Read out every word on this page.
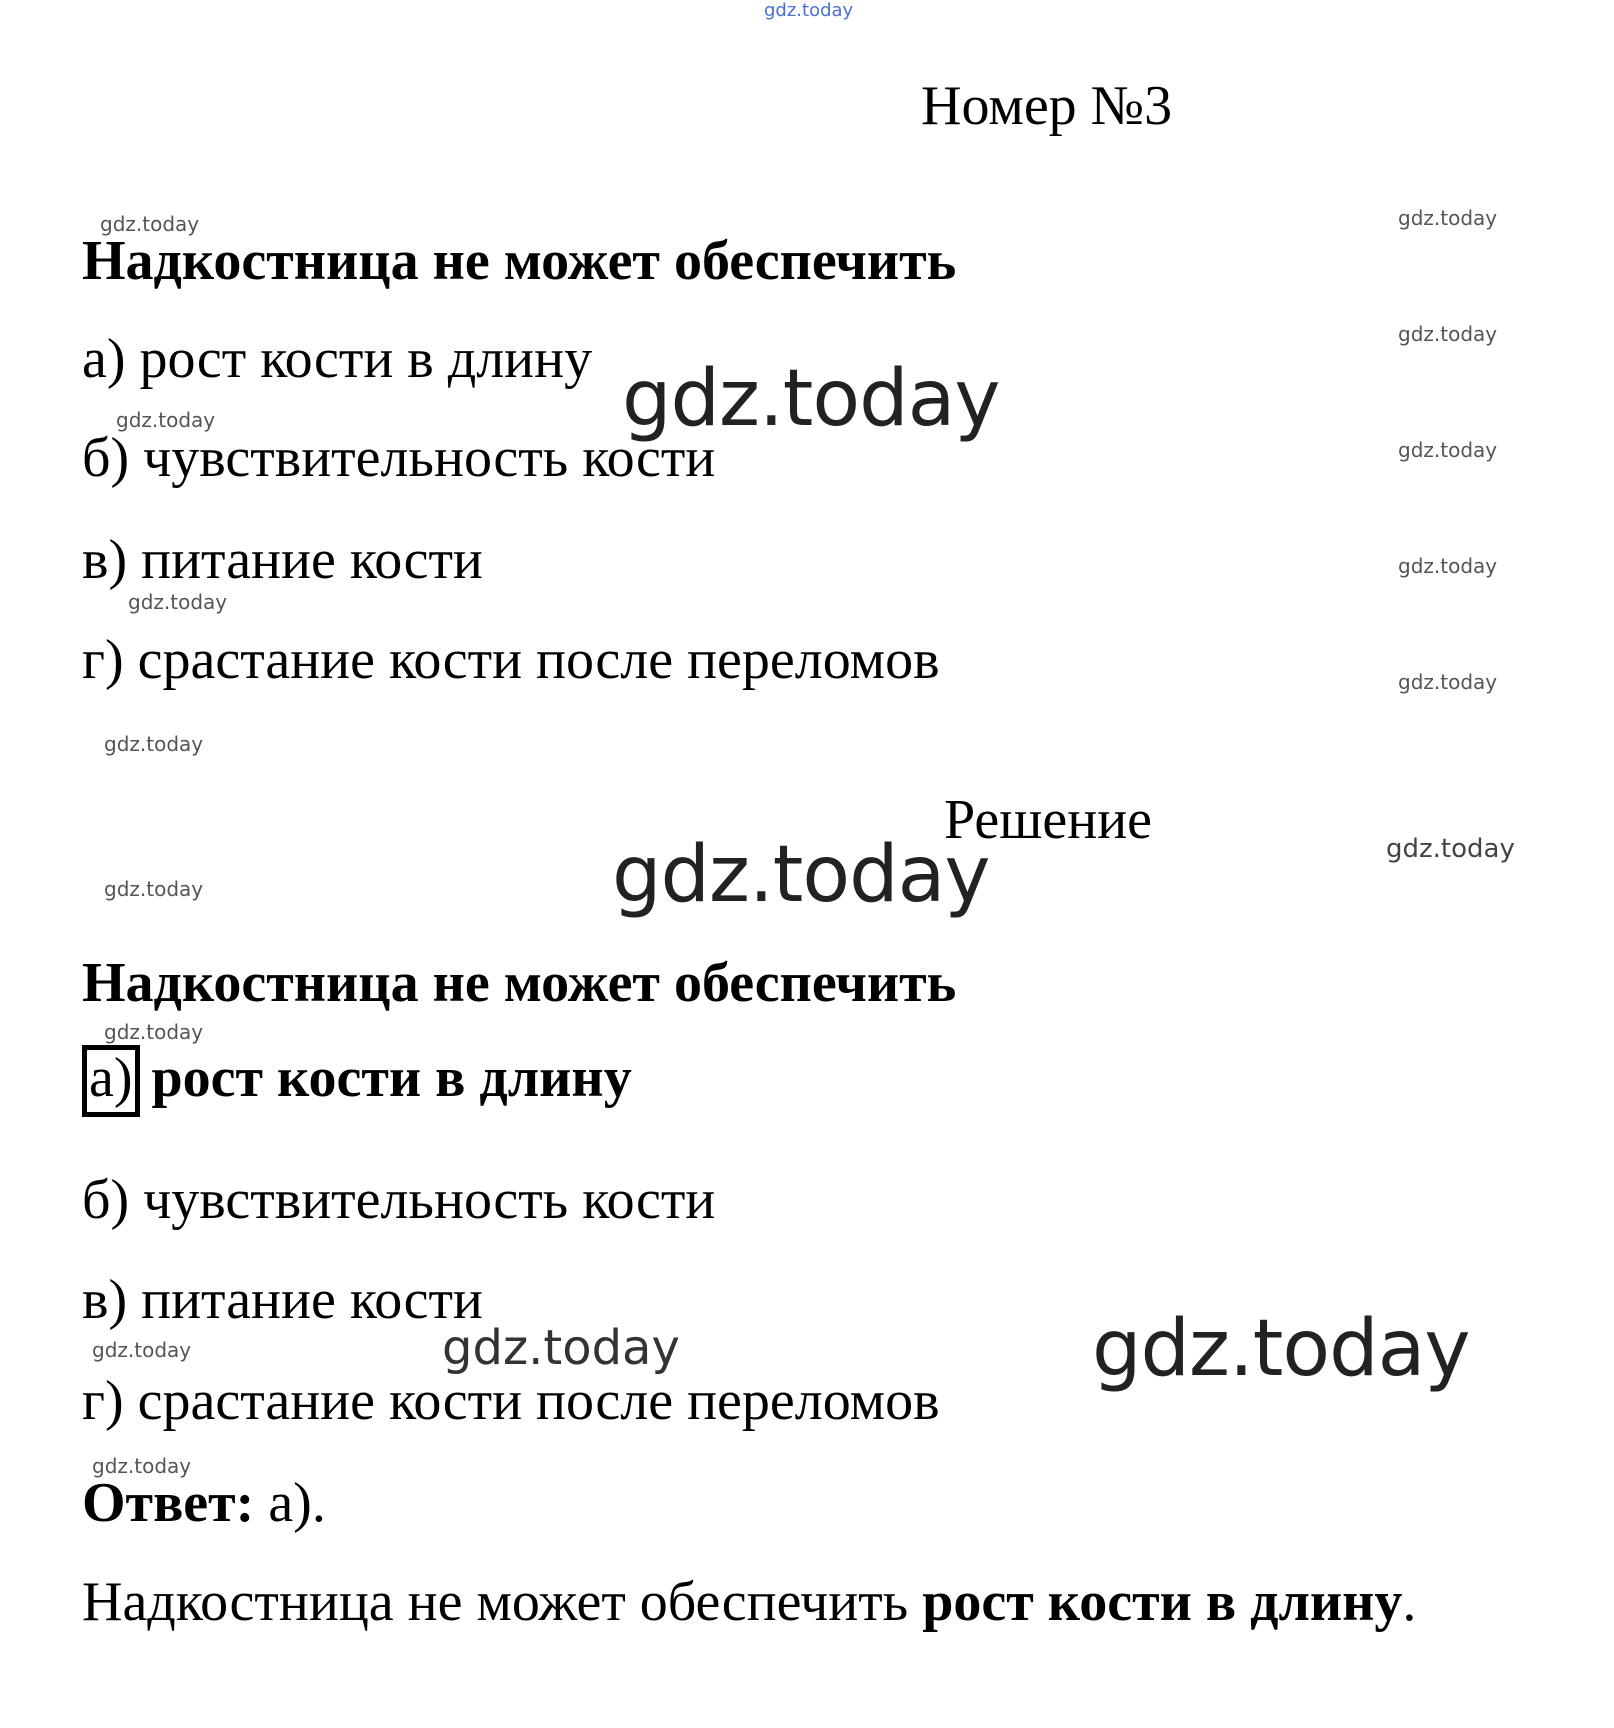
gdz.today
Номер №3
Надкостница не может обеспечить
а) рост кости в длину
б) чувствительность кости
в) питание кости
г) срастание кости после переломов
Решение
Надкостница не может обеспечить
а) рост кости в длину
б) чувствительность кости
в) питание кости
г) срастание кости после переломов
Ответ: а).
Надкостница не может обеспечить рост кости в длину.
gdz.today
gdz.today
gdz.today
gdz.today
gdz.today
gdz.today
gdz.today
gdz.today
gdz.today
gdz.today
gdz.today
gdz.today
gdz.today
gdz.today
gdz.today
gdz.today
gdz.today	gdz.today
